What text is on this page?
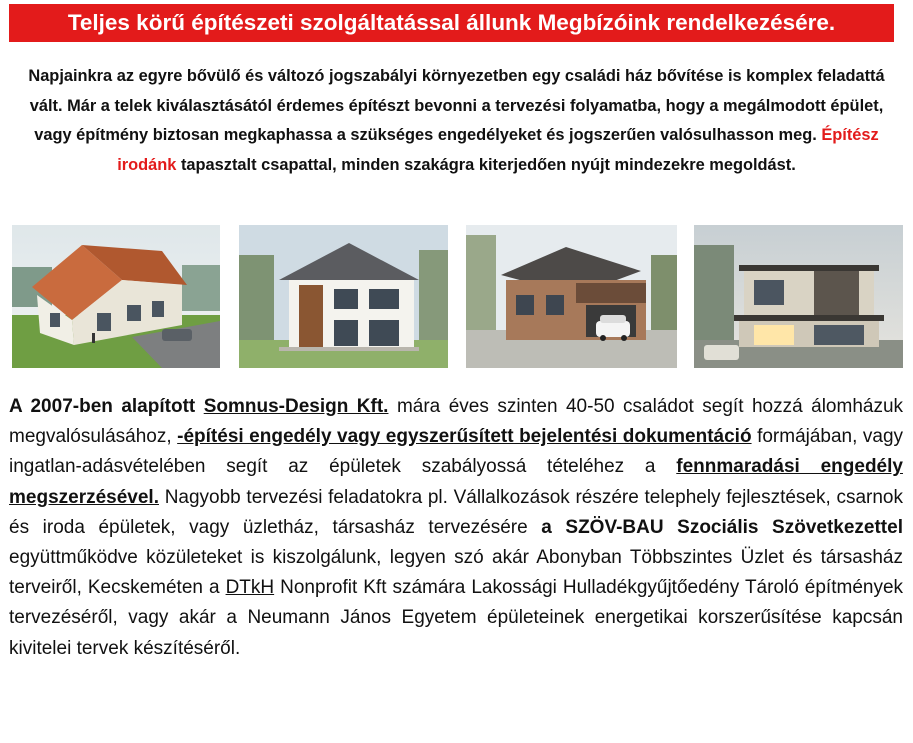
Teljes körű építészeti szolgáltatással állunk Megbízóink rendelkezésére.
Napjainkra az egyre bővülő és változó jogszabályi környezetben egy családi ház bővítése is komplex feladattá vált. Már a telek kiválasztásától érdemes építészt bevonni a tervezési folyamatba, hogy a megálmodott épület, vagy építmény biztosan megkaphassa a szükséges engedélyeket és jogszerűen valósulhasson meg. Építész irodánk tapasztalt csapattal, minden szakágra kiterjedően nyújt mindezekre megoldást.
A 2007-ben alapított Somnus-Design Kft. mára éves szinten 40-50 családot segít hozzá álomházuk megvalósulásához, -építési engedély vagy egyszerűsített bejelentési dokumentáció formájában, vagy ingatlan-adásvételében segít az épületek szabályossá tételéhez a fennmaradási engedély megszerzésével. Nagyobb tervezési feladatokra pl. Vállalkozások részére telephely fejlesztések, csarnok és iroda épületek, vagy üzletház, társasház tervezésére a SZÖV-BAU Szociális Szövetkezettel együttműködve közületeket is kiszolgálunk, legyen szó akár Abonyban Többszintes Üzlet és társasház terveiről, Kecskeméten a DTkH Nonprofit Kft számára Lakossági Hulladékgyűjtőedény Tároló építmények tervezéséről, vagy akár a Neumann János Egyetem épületeinek energetikai korszerűsítése kapcsán kivitelei tervek készítéséről.
